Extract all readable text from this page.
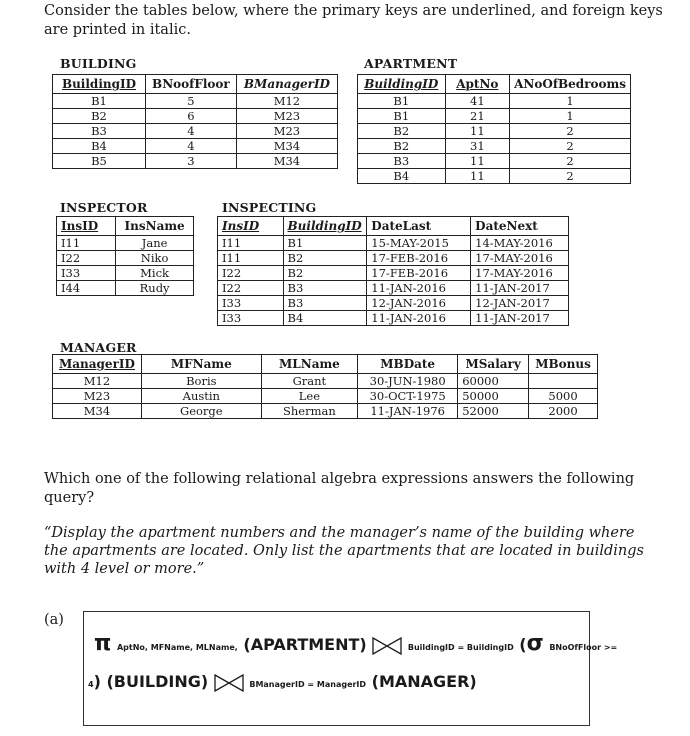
Consider the tables below, where the primary keys are underlined, and foreign keys are printed in italic.
BUILDING
BuildingID	BNoofFloor	BManagerID
B1	5	M12
B2	6	M23
B3	4	M23
B4	4	M34
B5	3	M34
APARTMENT
BuildingID	AptNo	ANoOfBedrooms
B1	41	1
B1	21	1
B2	11	2
B2	31	2
B3	11	2
B4	11	2
INSPECTOR
InsID	InsName
I11	Jane
I22	Niko
I33	Mick
I44	Rudy
INSPECTING
InsID	BuildingID	DateLast	DateNext
I11	B1	15-MAY-2015	14-MAY-2016
I11	B2	17-FEB-2016	17-MAY-2016
I22	B2	17-FEB-2016	17-MAY-2016
I22	B3	11-JAN-2016	11-JAN-2017
I33	B3	12-JAN-2016	12-JAN-2017
I33	B4	11-JAN-2016	11-JAN-2017
MANAGER
ManagerID	MFName	MLName	MBDate	MSalary	MBonus
M12	Boris	Grant	30-JUN-1980	60000	
M23	Austin	Lee	30-OCT-1975	50000	5000
M34	George	Sherman	11-JAN-1976	52000	2000
Which one of the following relational algebra expressions answers the following query?
“Display the apartment numbers and the manager’s name of the building where the apartments are located. Only list the apartments that are located in buildings with 4 level or more.”
(a)
π AptNo, MFName, MLName, (APARTMENT)	BuildingID = BuildingID (σ BNoOfFloor >=
4) (BUILDING)	BManagerID = ManagerID (MANAGER)
